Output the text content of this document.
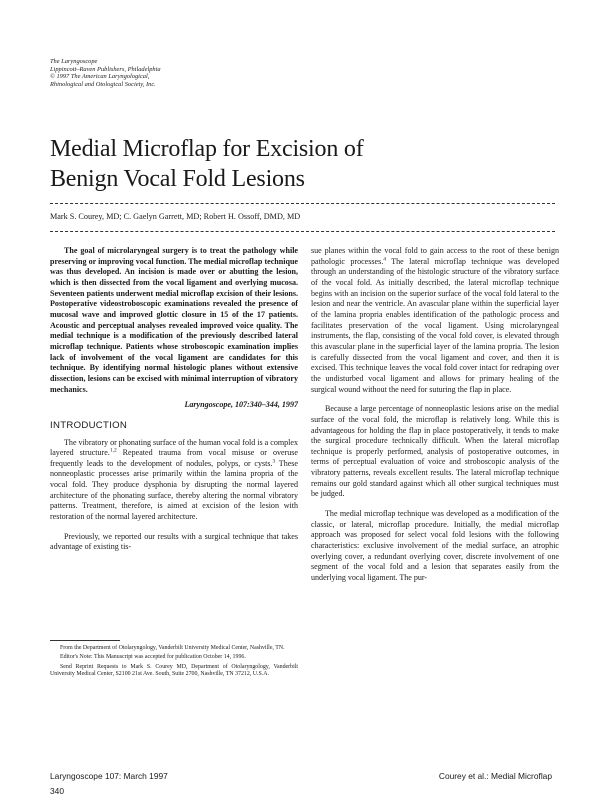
The Laryngoscope
Lippincott–Raven Publishers, Philadelphia
© 1997 The American Laryngological,
Rhinological and Otological Society, Inc.
Medial Microflap for Excision of
Benign Vocal Fold Lesions
Mark S. Courey, MD; C. Gaelyn Garrett, MD; Robert H. Ossoff, DMD, MD

The goal of microlaryngeal surgery is to treat the pathology while preserving or improving vocal function. The medial microflap technique was thus developed. An incision is made over or abutting the lesion, which is then dissected from the vocal ligament and overlying mucosa. Seventeen patients underwent medial microflap excision of their lesions. Postoperative videostroboscopic examinations revealed the presence of mucosal wave and improved glottic closure in 15 of the 17 patients. Acoustic and perceptual analyses revealed improved voice quality. The medial technique is a modification of the previously described lateral microflap technique. Patients whose stroboscopic examination implies lack of involvement of the vocal ligament are candidates for this technique. By identifying normal histologic planes without extensive dissection, lesions can be excised with minimal interruption of vibratory mechanics.

Laryngoscope, 107:340–344, 1997

INTRODUCTION

The vibratory or phonating surface of the human vocal fold is a complex layered structure.$^{1,2}$ Repeated trauma from vocal misuse or overuse frequently leads to the development of nodules, polyps, or cysts.$^3$ These nonneoplastic processes arise primarily within the lamina propria of the vocal fold. They produce dysphonia by disrupting the normal layered architecture of the phonating surface, thereby altering the normal vibratory patterns. Treatment, therefore, is aimed at excision of the lesion with restoration of the normal layered architecture.

Previously, we reported our results with a surgical technique that takes advantage of existing tis-

sue planes within the vocal fold to gain access to the root of these benign pathologic processes.$^4$ The lateral microflap technique was developed through an understanding of the histologic structure of the vibratory surface of the vocal fold. As initially described, the lateral microflap technique begins with an incision on the superior surface of the vocal fold lateral to the lesion and near the ventricle. An avascular plane within the superficial layer of the lamina propria enables identification of the pathologic process and facilitates preservation of the vocal ligament. Using microlaryngeal instruments, the flap, consisting of the vocal fold cover, is elevated through this avascular plane in the superficial layer of the lamina propria. The lesion is carefully dissected from the vocal ligament and cover, and then it is excised. This technique leaves the vocal fold cover intact for redraping over the undisturbed vocal ligament and allows for primary healing of the surgical wound without the need for suturing the flap in place.

Because a large percentage of nonneoplastic lesions arise on the medial surface of the vocal fold, the microflap is relatively long. While this is advantageous for holding the flap in place postoperatively, it tends to make the surgical procedure technically difficult. When the lateral microflap technique is properly performed, analysis of postoperative outcomes, in terms of perceptual evaluation of voice and stroboscopic analysis of the vibratory patterns, reveals excellent results. The lateral microflap technique remains our gold standard against which all other surgical techniques must be judged.

The medial microflap technique was developed as a modification of the classic, or lateral, microflap procedure. Initially, the medial microflap approach was proposed for select vocal fold lesions with the following characteristics: exclusive involvement of the medial surface, an atrophic overlying cover, a redundant overlying cover, discrete involvement of one segment of the vocal fold and a lesion that separates easily from the underlying vocal ligament. The pur-

From the Department of Otolaryngology, Vanderbilt University Medical Center, Nashville, TN.

Editor's Note: This Manuscript was accepted for publication October 14, 1996.

Send Reprint Requests to Mark S. Courey MD, Department of Otolaryngology, Vanderbilt University Medical Center, S2100 21st Ave. South, Suite 2700, Nashville, TN 37212, U.S.A.

Laryngoscope 107: March 1997	Courey et al.: Medial Microflap
340
